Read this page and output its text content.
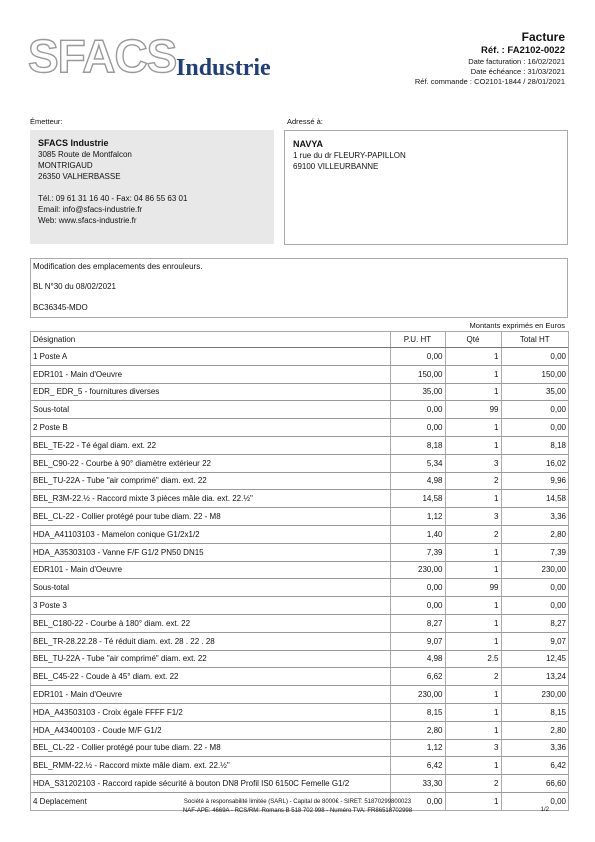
SFACS Industrie
Facture
Réf. : FA2102-0022
Date facturation : 16/02/2021
Date échéance : 31/03/2021
Réf. commande : CO2101-1844 / 28/01/2021
Émetteur:	Adressé à:
SFACS Industrie
3085 Route de Montfalcon
MONTRIGAUD
26350 VALHERBASSE
Tél.: 09 61 31 16 40 - Fax: 04 86 55 63 01
Email: info@sfacs-industrie.fr
Web: www.sfacs-industrie.fr
NAVYA
1 rue du dr FLEURY-PAPILLON
69100 VILLEURBANNE
Modification des emplacements des enrouleurs.
BL N°30 du 08/02/2021
BC36345-MDO
Montants exprimés en Euros
Désignation	P.U. HT	Qté	Total HT
1 Poste A	0,00	1	0,00
EDR101 - Main d'Oeuvre	150,00	1	150,00
EDR_ EDR_5 - fournitures diverses	35,00	1	35,00
Sous-total	0,00	99	0,00
2 Poste B	0,00	1	0,00
BEL_TE-22 - Té égal diam. ext. 22	8,18	1	8,18
BEL_C90-22 - Courbe à 90° diamètre extérieur 22	5,34	3	16,02
BEL_TU-22A - Tube "air comprimé" diam. ext. 22	4,98	2	9,96
BEL_R3M-22.½ - Raccord mixte 3 pièces mâle dia. ext. 22.½"	14,58	1	14,58
BEL_CL-22 - Collier protégé pour tube diam. 22 - M8	1,12	3	3,36
HDA_A41103103 - Mamelon conique G1/2x1/2	1,40	2	2,80
HDA_A35303103 - Vanne F/F G1/2 PN50 DN15	7,39	1	7,39
EDR101 - Main d'Oeuvre	230,00	1	230,00
Sous-total	0,00	99	0,00
3 Poste 3	0,00	1	0,00
BEL_C180-22 - Courbe à 180° diam. ext. 22	8,27	1	8,27
BEL_TR-28.22.28 - Té réduit diam. ext. 28 . 22 . 28	9,07	1	9,07
BEL_TU-22A - Tube "air comprimé" diam. ext. 22	4,98	2.5	12,45
BEL_C45-22 - Coude à 45° diam. ext. 22	6,62	2	13,24
EDR101 - Main d'Oeuvre	230,00	1	230,00
HDA_A43503103 - Croix égale FFFF F1/2	8,15	1	8,15
HDA_A43400103 - Coude M/F G1/2	2,80	1	2,80
BEL_CL-22 - Collier protégé pour tube diam. 22 - M8	1,12	3	3,36
BEL_RMM-22.½ - Raccord mixte mâle diam. ext. 22.½"	6,42	1	6,42
HDA_S31202103 - Raccord rapide sécurité à bouton DN8 Profil IS0 6150C Femelle G1/2	33,30	2	66,60
4 Deplacement	0,00	1	0,00
Société à responsabilité limitée (SARL) - Capital de 8000€ - SIRET: 51870299800023
NAF-APE: 4669A - RCS/RM: Romans B 518 702 998 - Numéro TVA: FR86518702998	1/2
